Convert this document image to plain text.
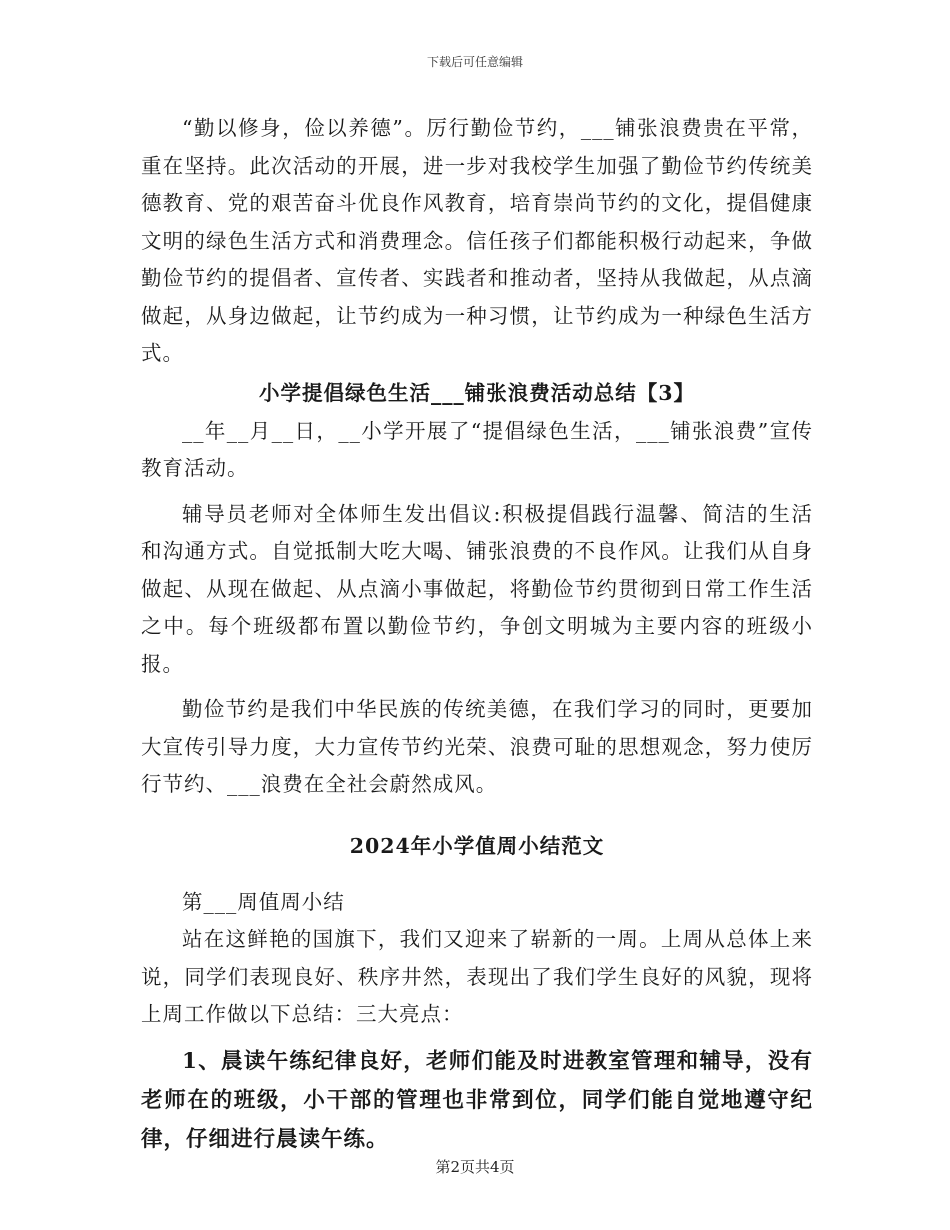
下载后可任意编辑

“勤以修身，俭以养德”。厉行勤俭节约，___铺张浪费贵在平常，重在坚持。此次活动的开展，进一步对我校学生加强了勤俭节约传统美德教育、党的艰苦奋斗优良作风教育，培育崇尚节约的文化，提倡健康文明的绿色生活方式和消费理念。信任孩子们都能积极行动起来，争做勤俭节约的提倡者、宣传者、实践者和推动者，坚持从我做起，从点滴做起，从身边做起，让节约成为一种习惯，让节约成为一种绿色生活方式。

小学提倡绿色生活___铺张浪费活动总结【3】

__年__月__日，__小学开展了“提倡绿色生活，___铺张浪费”宣传教育活动。

辅导员老师对全体师生发出倡议:积极提倡践行温馨、简洁的生活和沟通方式。自觉抵制大吃大喝、铺张浪费的不良作风。让我们从自身做起、从现在做起、从点滴小事做起，将勤俭节约贯彻到日常工作生活之中。每个班级都布置以勤俭节约，争创文明城为主要内容的班级小报。

勤俭节约是我们中华民族的传统美德，在我们学习的同时，更要加大宣传引导力度，大力宣传节约光荣、浪费可耻的思想观念，努力使厉行节约、___浪费在全社会蔚然成风。

2024年小学值周小结范文

第___周值周小结

站在这鲜艳的国旗下，我们又迎来了崭新的一周。上周从总体上来说，同学们表现良好、秩序井然，表现出了我们学生良好的风貌，现将上周工作做以下总结：三大亮点：

1、晨读午练纪律良好，老师们能及时进教室管理和辅导，没有老师在的班级，小干部的管理也非常到位，同学们能自觉地遵守纪律，仔细进行晨读午练。

第2页共4页
